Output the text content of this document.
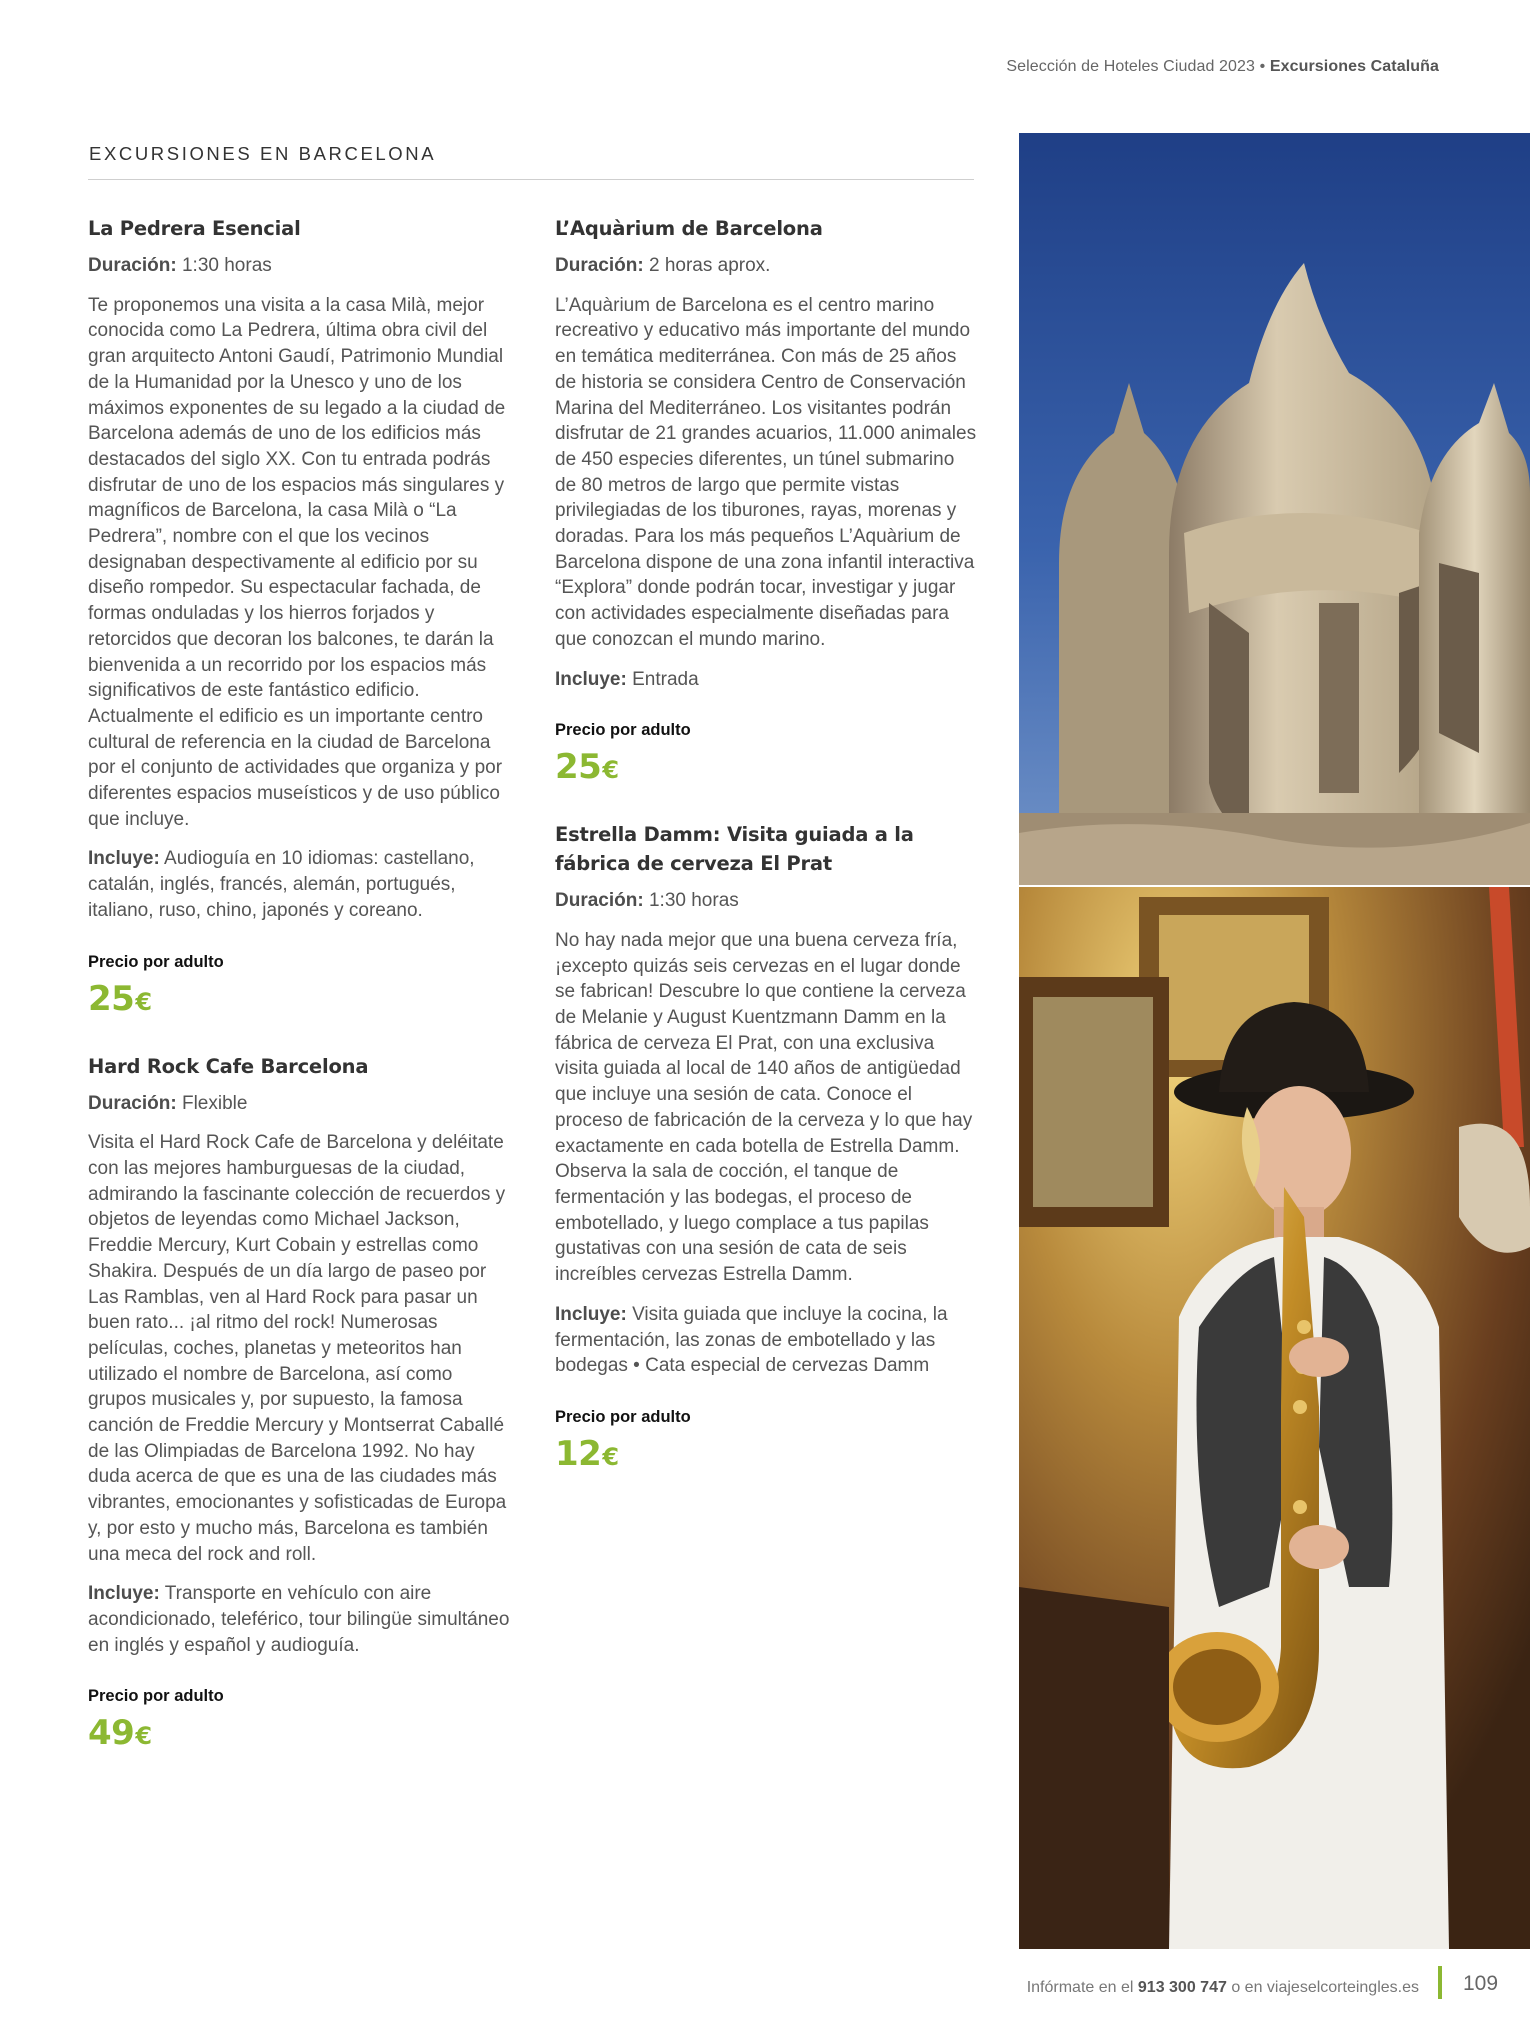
Selección de Hoteles Ciudad 2023 • Excursiones Cataluña
EXCURSIONES EN BARCELONA
La Pedrera Esencial
Duración: 1:30 horas

Te proponemos una visita a la casa Milà, mejor conocida como La Pedrera, última obra civil del gran arquitecto Antoni Gaudí, Patrimonio Mundial de la Humanidad por la Unesco y uno de los máximos exponentes de su legado a la ciudad de Barcelona además de uno de los edificios más destacados del siglo XX. Con tu entrada podrás disfrutar de uno de los espacios más singulares y magníficos de Barcelona, la casa Milà o “La Pedrera”, nombre con el que los vecinos designaban despectivamente al edificio por su diseño rompedor. Su espectacular fachada, de formas onduladas y los hierros forjados y retorcidos que decoran los balcones, te darán la bienvenida a un recorrido por los espacios más significativos de este fantástico edificio. Actualmente el edificio es un importante centro cultural de referencia en la ciudad de Barcelona por el conjunto de actividades que organiza y por diferentes espacios museísticos y de uso público que incluye.

Incluye: Audioguía en 10 idiomas: castellano, catalán, inglés, francés, alemán, portugués, italiano, ruso, chino, japonés y coreano.

Precio por adulto
25€
Hard Rock Cafe Barcelona
Duración: Flexible

Visita el Hard Rock Cafe de Barcelona y deléitate con las mejores hamburguesas de la ciudad, admirando la fascinante colección de recuerdos y objetos de leyendas como Michael Jackson, Freddie Mercury, Kurt Cobain y estrellas como Shakira. Después de un día largo de paseo por Las Ramblas, ven al Hard Rock para pasar un buen rato... ¡al ritmo del rock! Numerosas películas, coches, planetas y meteoritos han utilizado el nombre de Barcelona, así como grupos musicales y, por supuesto, la famosa canción de Freddie Mercury y Montserrat Caballé de las Olimpiadas de Barcelona 1992. No hay duda acerca de que es una de las ciudades más vibrantes, emocionantes y sofisticadas de Europa y, por esto y mucho más, Barcelona es también una meca del rock and roll.

Incluye: Transporte en vehículo con aire acondicionado, teleférico, tour bilingüe simultáneo en inglés y español y audioguía.

Precio por adulto
49€
L’Aquàrium de Barcelona
Duración: 2 horas aprox.

L’Aquàrium de Barcelona es el centro marino recreativo y educativo más importante del mundo en temática mediterránea. Con más de 25 años de historia se considera Centro de Conservación Marina del Mediterráneo. Los visitantes podrán disfrutar de 21 grandes acuarios, 11.000 animales de 450 especies diferentes, un túnel submarino de 80 metros de largo que permite vistas privilegiadas de los tiburones, rayas, morenas y doradas. Para los más pequeños L’Aquàrium de Barcelona dispone de una zona infantil interactiva “Explora” donde podrán tocar, investigar y jugar con actividades especialmente diseñadas para que conozcan el mundo marino.

Incluye: Entrada

Precio por adulto
25€
Estrella Damm: Visita guiada a la fábrica de cerveza El Prat
Duración: 1:30 horas

No hay nada mejor que una buena cerveza fría, ¡excepto quizás seis cervezas en el lugar donde se fabrican! Descubre lo que contiene la cerveza de Melanie y August Kuentzmann Damm en la fábrica de cerveza El Prat, con una exclusiva visita guiada al local de 140 años de antigüedad que incluye una sesión de cata. Conoce el proceso de fabricación de la cerveza y lo que hay exactamente en cada botella de Estrella Damm. Observa la sala de cocción, el tanque de fermentación y las bodegas, el proceso de embotellado, y luego complace a tus papilas gustativas con una sesión de cata de seis increíbles cervezas Estrella Damm.

Incluye: Visita guiada que incluye la cocina, la fermentación, las zonas de embotellado y las bodegas • Cata especial de cervezas Damm

Precio por adulto
12€
Infórmate en el 913 300 747 o en viajeselcorteingles.es 109
